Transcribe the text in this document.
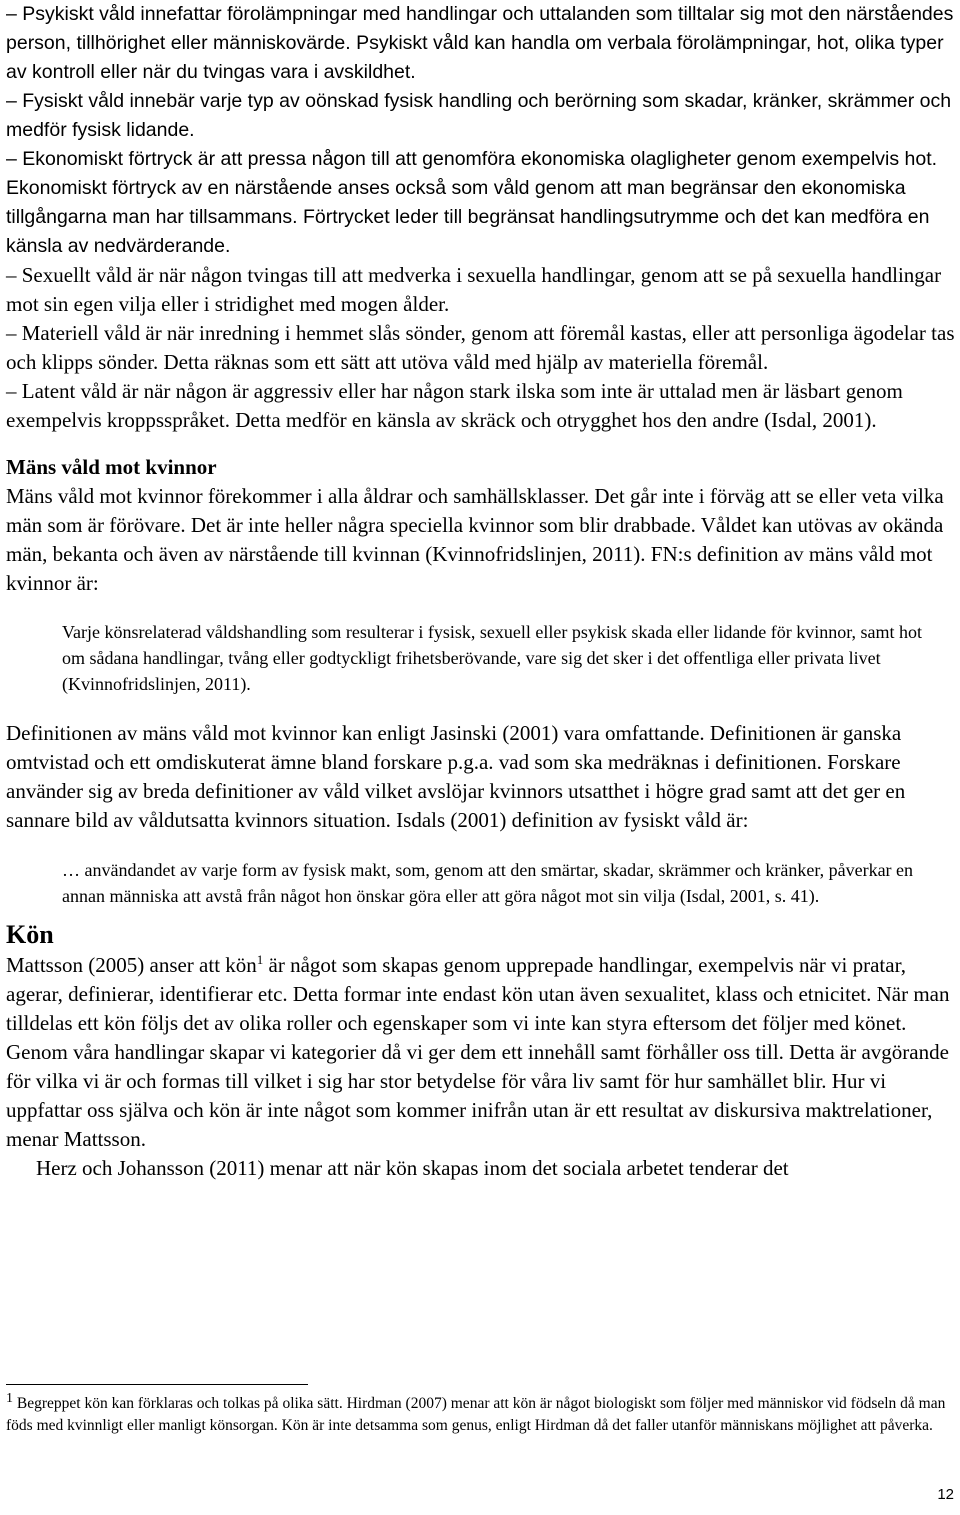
– Psykiskt våld innefattar förolämpningar med handlingar och uttalanden som tilltalar sig mot den närståendes person, tillhörighet eller människovärde. Psykiskt våld kan handla om verbala förolämpningar, hot, olika typer av kontroll eller när du tvingas vara i avskildhet.

– Fysiskt våld innebär varje typ av oönskad fysisk handling och berörning som skadar, kränker, skrämmer och medför fysisk lidande.

– Ekonomiskt förtryck är att pressa någon till att genomföra ekonomiska olagligheter genom exempelvis hot. Ekonomiskt förtryck av en närstående anses också som våld genom att man begränsar den ekonomiska tillgångarna man har tillsammans. Förtrycket leder till begränsat handlingsutrymme och det kan medföra en känsla av nedvärderande.

– Sexuellt våld är när någon tvingas till att medverka i sexuella handlingar, genom att se på sexuella handlingar mot sin egen vilja eller i stridighet med mogen ålder.

– Materiell våld är när inredning i hemmet slås sönder, genom att föremål kastas, eller att personliga ägodelar tas och klipps sönder. Detta räknas som ett sätt att utöva våld med hjälp av materiella föremål.

– Latent våld är när någon är aggressiv eller har någon stark ilska som inte är uttalad men är läsbart genom exempelvis kroppsspråket. Detta medför en känsla av skräck och otrygghet hos den andre (Isdal, 2001).

Mäns våld mot kvinnor

Mäns våld mot kvinnor förekommer i alla åldrar och samhällsklasser. Det går inte i förväg att se eller veta vilka män som är förövare. Det är inte heller några speciella kvinnor som blir drabbade. Våldet kan utövas av okända män, bekanta och även av närstående till kvinnan (Kvinnofridslinjen, 2011). FN:s definition av mäns våld mot kvinnor är:

Varje könsrelaterad våldshandling som resulterar i fysisk, sexuell eller psykisk skada eller lidande för kvinnor, samt hot om sådana handlingar, tvång eller godtyckligt frihetsberövande, vare sig det sker i det offentliga eller privata livet (Kvinnofridslinjen, 2011).

Definitionen av mäns våld mot kvinnor kan enligt Jasinski (2001) vara omfattande. Definitionen är ganska omtvistad och ett omdiskuterat ämne bland forskare p.g.a. vad som ska medräknas i definitionen. Forskare använder sig av breda definitioner av våld vilket avslöjar kvinnors utsatthet i högre grad samt att det ger en sannare bild av våldutsatta kvinnors situation. Isdals (2001) definition av fysiskt våld är:

… användandet av varje form av fysisk makt, som, genom att den smärtar, skadar, skrämmer och kränker, påverkar en annan människa att avstå från något hon önskar göra eller att göra något mot sin vilja (Isdal, 2001, s. 41).

Kön

Mattsson (2005) anser att kön$^1$ är något som skapas genom upprepade handlingar, exempelvis när vi pratar, agerar, definierar, identifierar etc. Detta formar inte endast kön utan även sexualitet, klass och etnicitet. När man tilldelas ett kön följs det av olika roller och egenskaper som vi inte kan styra eftersom det följer med könet. Genom våra handlingar skapar vi kategorier då vi ger dem ett innehåll samt förhåller oss till. Detta är avgörande för vilka vi är och formas till vilket i sig har stor betydelse för våra liv samt för hur samhället blir. Hur vi uppfattar oss själva och kön är inte något som kommer inifrån utan är ett resultat av diskursiva maktrelationer, menar Mattsson.

Herz och Johansson (2011) menar att när kön skapas inom det sociala arbetet tenderar det

$^1$ Begreppet kön kan förklaras och tolkas på olika sätt. Hirdman (2007) menar att kön är något biologiskt som följer med människor vid födseln då man föds med kvinnligt eller manligt könsorgan. Kön är inte detsamma som genus, enligt Hirdman då det faller utanför människans möjlighet att påverka.
12
